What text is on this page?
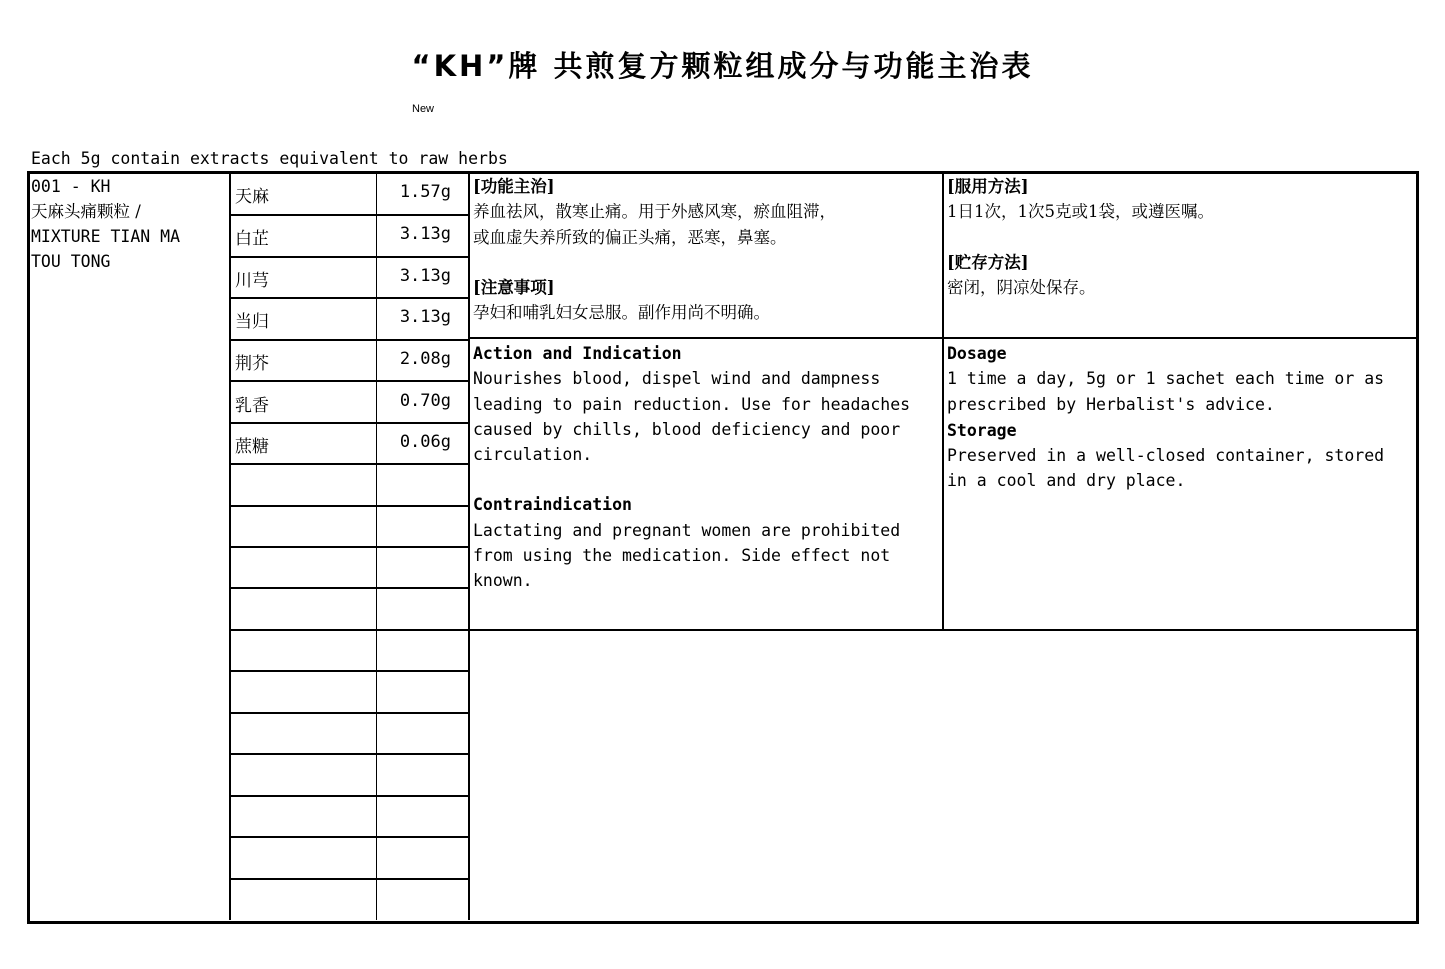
“KH”牌 共煎复方颗粒组成分与功能主治表
New
Each 5g contain extracts equivalent to raw herbs
001 - KH
天麻头痛颗粒 /
MIXTURE TIAN MA
TOU TONG
天麻	1.57g
白芷	3.13g
川芎	3.13g
当归	3.13g
荆芥	2.08g
乳香	0.70g
蔗糖	0.06g
[功能主治]
养血祛风，散寒止痛。用于外感风寒，瘀血阻滞，
或血虚失养所致的偏正头痛，恶寒，鼻塞。
[注意事项]
孕妇和哺乳妇女忌服。副作用尚不明确。
[服用方法]
1日1次，1次5克或1袋，或遵医嘱。
[贮存方法]
密闭，阴凉处保存。
Action and Indication
Nourishes blood, dispel wind and dampness
leading to pain reduction. Use for headaches
caused by chills, blood deficiency and poor
circulation.
Contraindication
Lactating and pregnant women are prohibited
from using the medication. Side effect not
known.
Dosage
1 time a day, 5g or 1 sachet each time or as
prescribed by Herbalist's advice.
Storage
Preserved in a well-closed container, stored
in a cool and dry place.
